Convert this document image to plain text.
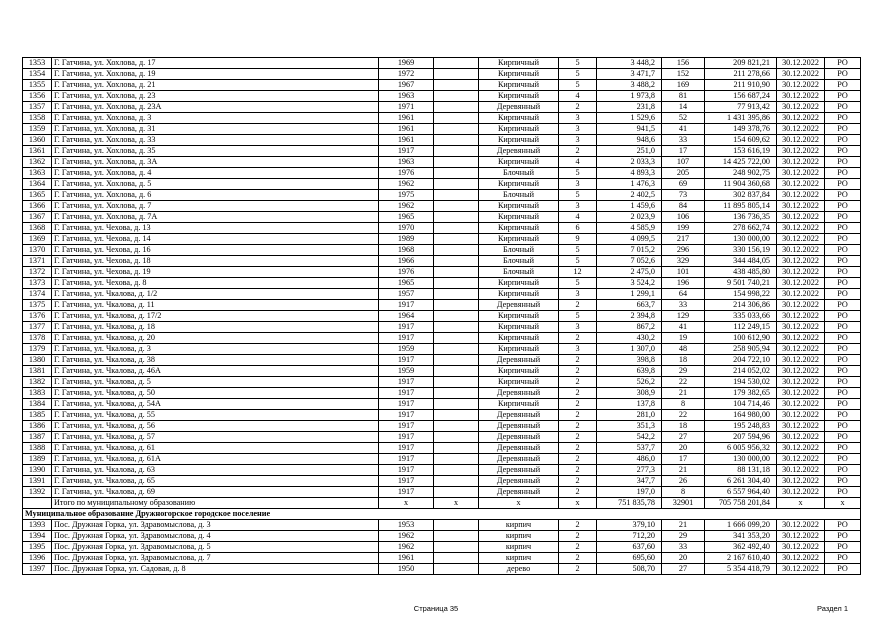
1353	Г. Гатчина, ул. Хохлова, д. 17	1969		Кирпичный	5	3 448,2	156	209 821,21	30.12.2022	РО
1354	Г. Гатчина, ул. Хохлова, д. 19	1972		Кирпичный	5	3 471,7	152	211 278,66	30.12.2022	РО
1355	Г. Гатчина, ул. Хохлова, д. 21	1967		Кирпичный	5	3 488,2	169	211 910,90	30.12.2022	РО
1356	Г. Гатчина, ул. Хохлова, д. 23	1963		Кирпичный	4	1 973,8	81	156 687,24	30.12.2022	РО
1357	Г. Гатчина, ул. Хохлова, д. 23А	1971		Деревянный	2	231,8	14	77 913,42	30.12.2022	РО
1358	Г. Гатчина, ул. Хохлова, д. 3	1961		Кирпичный	3	1 529,6	52	1 431 395,86	30.12.2022	РО
1359	Г. Гатчина, ул. Хохлова, д. 31	1961		Кирпичный	3	941,5	41	149 378,76	30.12.2022	РО
1360	Г. Гатчина, ул. Хохлова, д. 33	1961		Кирпичный	3	948,6	33	154 609,62	30.12.2022	РО
1361	Г. Гатчина, ул. Хохлова, д. 35	1917		Деревянный	2	251,0	17	153 616,19	30.12.2022	РО
1362	Г. Гатчина, ул. Хохлова, д. 3А	1963		Кирпичный	4	2 033,3	107	14 425 722,00	30.12.2022	РО
1363	Г. Гатчина, ул. Хохлова, д. 4	1976		Блочный	5	4 893,3	205	248 902,75	30.12.2022	РО
1364	Г. Гатчина, ул. Хохлова, д. 5	1962		Кирпичный	3	1 476,3	69	11 904 360,68	30.12.2022	РО
1365	Г. Гатчина, ул. Хохлова, д. 6	1975		Блочный	5	2 402,5	73	302 837,84	30.12.2022	РО
1366	Г. Гатчина, ул. Хохлова, д. 7	1962		Кирпичный	3	1 459,6	84	11 895 805,14	30.12.2022	РО
1367	Г. Гатчина, ул. Хохлова, д. 7А	1965		Кирпичный	4	2 023,9	106	136 736,35	30.12.2022	РО
1368	Г. Гатчина, ул. Чехова, д. 13	1970		Кирпичный	6	4 585,9	199	278 662,74	30.12.2022	РО
1369	Г. Гатчина, ул. Чехова, д. 14	1989		Кирпичный	9	4 099,5	217	130 000,00	30.12.2022	РО
1370	Г. Гатчина, ул. Чехова, д. 16	1968		Блочный	5	7 015,2	296	330 156,19	30.12.2022	РО
1371	Г. Гатчина, ул. Чехова, д. 18	1966		Блочный	5	7 052,6	329	344 484,05	30.12.2022	РО
1372	Г. Гатчина, ул. Чехова, д. 19	1976		Блочный	12	2 475,0	101	438 485,80	30.12.2022	РО
1373	Г. Гатчина, ул. Чехова, д. 8	1965		Кирпичный	5	3 524,2	196	9 501 740,21	30.12.2022	РО
1374	Г. Гатчина, ул. Чкалова, д. 1/2	1957		Кирпичный	3	1 299,1	64	154 998,22	30.12.2022	РО
1375	Г. Гатчина, ул. Чкалова, д. 11	1917		Деревянный	2	663,7	33	214 306,86	30.12.2022	РО
1376	Г. Гатчина, ул. Чкалова, д. 17/2	1964		Кирпичный	5	2 394,8	129	335 033,66	30.12.2022	РО
1377	Г. Гатчина, ул. Чкалова, д. 18	1917		Кирпичный	3	867,2	41	112 249,15	30.12.2022	РО
1378	Г. Гатчина, ул. Чкалова, д. 20	1917		Кирпичный	2	430,2	19	100 612,90	30.12.2022	РО
1379	Г. Гатчина, ул. Чкалова, д. 3	1959		Кирпичный	3	1 307,0	48	258 905,94	30.12.2022	РО
1380	Г. Гатчина, ул. Чкалова, д. 38	1917		Деревянный	2	398,8	18	204 722,10	30.12.2022	РО
1381	Г. Гатчина, ул. Чкалова, д. 46А	1959		Кирпичный	2	639,8	29	214 052,02	30.12.2022	РО
1382	Г. Гатчина, ул. Чкалова, д. 5	1917		Кирпичный	2	526,2	22	194 530,02	30.12.2022	РО
1383	Г. Гатчина, ул. Чкалова, д. 50	1917		Деревянный	2	308,9	21	179 382,65	30.12.2022	РО
1384	Г. Гатчина, ул. Чкалова, д. 54А	1917		Кирпичный	2	137,8	8	104 714,46	30.12.2022	РО
1385	Г. Гатчина, ул. Чкалова, д. 55	1917		Деревянный	2	281,0	22	164 980,00	30.12.2022	РО
1386	Г. Гатчина, ул. Чкалова, д. 56	1917		Деревянный	2	351,3	18	195 248,83	30.12.2022	РО
1387	Г. Гатчина, ул. Чкалова, д. 57	1917		Деревянный	2	542,2	27	207 594,96	30.12.2022	РО
1388	Г. Гатчина, ул. Чкалова, д. 61	1917		Деревянный	2	537,7	20	6 005 956,32	30.12.2022	РО
1389	Г. Гатчина, ул. Чкалова, д. 61А	1917		Деревянный	2	486,0	17	130 000,00	30.12.2022	РО
1390	Г. Гатчина, ул. Чкалова, д. 63	1917		Деревянный	2	277,3	21	88 131,18	30.12.2022	РО
1391	Г. Гатчина, ул. Чкалова, д. 65	1917		Деревянный	2	347,7	26	6 261 304,40	30.12.2022	РО
1392	Г. Гатчина, ул. Чкалова, д. 69	1917		Деревянный	2	197,0	8	6 557 964,40	30.12.2022	РО
	Итого по муниципальному образованию	х	х	х	х	751 835,78	32901	705 758 201,84	х	х
Муниципальное образование Дружногорское городское поселение										
1393	Пос. Дружная Горка, ул. Здравомыслова, д. 3	1953		кирпич	2	379,10	21	1 666 099,20	30.12.2022	РО
1394	Пос. Дружная Горка, ул. Здравомыслова, д. 4	1962		кирпич	2	712,20	29	341 353,20	30.12.2022	РО
1395	Пос. Дружная Горка, ул. Здравомыслова, д. 5	1962		кирпич	2	637,60	33	362 492,40	30.12.2022	РО
1396	Пос. Дружная Горка, ул. Здравомыслова, д. 7	1961		кирпич	2	695,60	20	2 167 610,40	30.12.2022	РО
1397	Пос. Дружная Горка, ул. Садовая, д. 8	1950		дерево	2	508,70	27	5 354 418,79	30.12.2022	РО
Страница 35	Раздел 1
